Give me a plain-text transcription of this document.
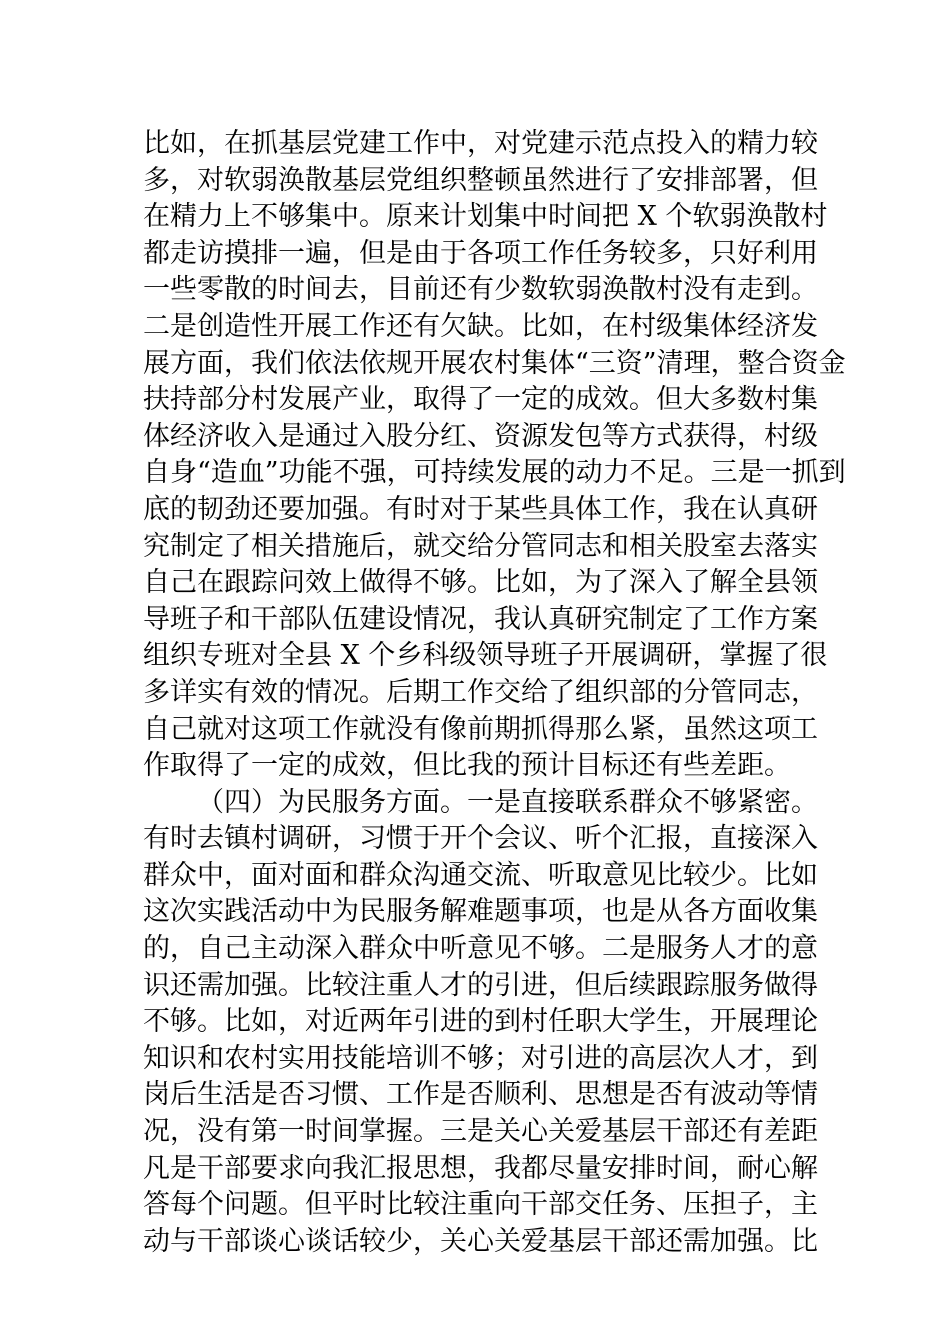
比如，在抓基层党建工作中，对党建示范点投入的精力较
多，对软弱涣散基层党组织整顿虽然进行了安排部署，但
在精力上不够集中。原来计划集中时间把 X 个软弱涣散村
都走访摸排一遍，但是由于各项工作任务较多，只好利用
一些零散的时间去，目前还有少数软弱涣散村没有走到。
二是创造性开展工作还有欠缺。比如，在村级集体经济发
展方面，我们依法依规开展农村集体“三资”清理，整合资金
扶持部分村发展产业，取得了一定的成效。但大多数村集
体经济收入是通过入股分红、资源发包等方式获得，村级
自身“造血”功能不强，可持续发展的动力不足。三是一抓到
底的韧劲还要加强。有时对于某些具体工作，我在认真研
究制定了相关措施后，就交给分管同志和相关股室去落实
自己在跟踪问效上做得不够。比如，为了深入了解全县领
导班子和干部队伍建设情况，我认真研究制定了工作方案
组织专班对全县 X 个乡科级领导班子开展调研，掌握了很
多详实有效的情况。后期工作交给了组织部的分管同志，
自己就对这项工作就没有像前期抓得那么紧，虽然这项工
作取得了一定的成效，但比我的预计目标还有些差距。
（四）为民服务方面。一是直接联系群众不够紧密。
有时去镇村调研，习惯于开个会议、听个汇报，直接深入
群众中，面对面和群众沟通交流、听取意见比较少。比如
这次实践活动中为民服务解难题事项，也是从各方面收集
的，自己主动深入群众中听意见不够。二是服务人才的意
识还需加强。比较注重人才的引进，但后续跟踪服务做得
不够。比如，对近两年引进的到村任职大学生，开展理论
知识和农村实用技能培训不够；对引进的高层次人才，到
岗后生活是否习惯、工作是否顺利、思想是否有波动等情
况，没有第一时间掌握。三是关心关爱基层干部还有差距
凡是干部要求向我汇报思想，我都尽量安排时间，耐心解
答每个问题。但平时比较注重向干部交任务、压担子，主
动与干部谈心谈话较少，关心关爱基层干部还需加强。比
